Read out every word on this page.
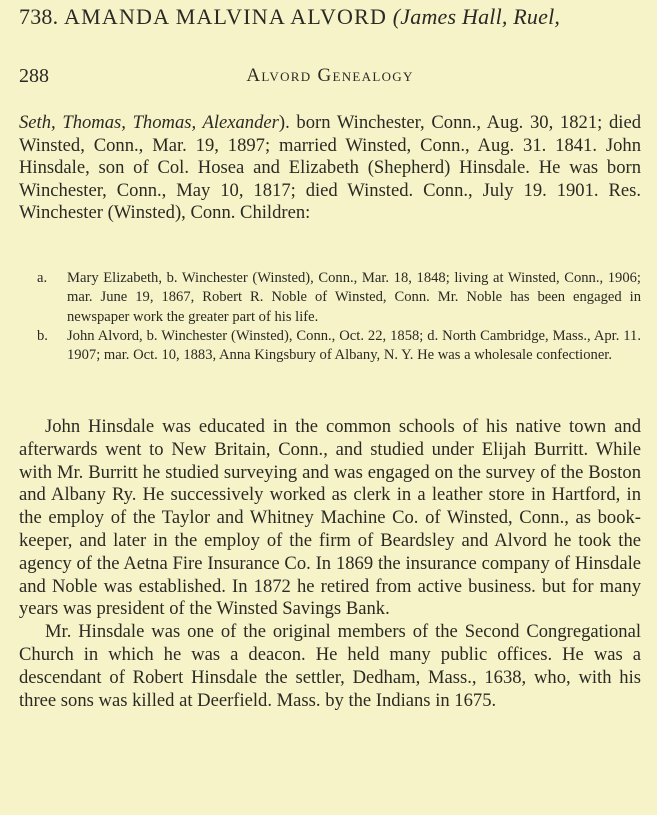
738. AMANDA MALVINA ALVORD (James Hall, Ruel,
288	Alvord Genealogy
Seth, Thomas, Thomas, Alexander). born Winchester, Conn., Aug. 30, 1821; died Winsted, Conn., Mar. 19, 1897; married Winsted, Conn., Aug. 31. 1841. John Hinsdale, son of Col. Hosea and Elizabeth (Shepherd) Hinsdale. He was born Winchester, Conn., May 10, 1817; died Winsted. Conn., July 19. 1901. Res. Winchester (Winsted), Conn. Children:
a. Mary Elizabeth, b. Winchester (Winsted), Conn., Mar. 18, 1848; living at Winsted, Conn., 1906; mar. June 19, 1867, Robert R. Noble of Winsted, Conn. Mr. Noble has been engaged in newspaper work the greater part of his life.
b. John Alvord, b. Winchester (Winsted), Conn., Oct. 22, 1858; d. North Cambridge, Mass., Apr. 11. 1907; mar. Oct. 10, 1883, Anna Kingsbury of Albany, N. Y. He was a wholesale confectioner.

John Hinsdale was educated in the common schools of his native town and afterwards went to New Britain, Conn., and studied under Elijah Burritt. While with Mr. Burritt he studied surveying and was engaged on the survey of the Boston and Albany Ry. He successively worked as clerk in a leather store in Hartford, in the employ of the Taylor and Whitney Machine Co. of Winsted, Conn., as book-keeper, and later in the employ of the firm of Beardsley and Alvord he took the agency of the Aetna Fire Insurance Co. In 1869 the insurance company of Hinsdale and Noble was established. In 1872 he retired from active business. but for many years was president of the Winsted Savings Bank.

Mr. Hinsdale was one of the original members of the Second Congregational Church in which he was a deacon. He held many public offices. He was a descendant of Robert Hinsdale the settler, Dedham, Mass., 1638, who, with his three sons was killed at Deerfield. Mass. by the Indians in 1675.
